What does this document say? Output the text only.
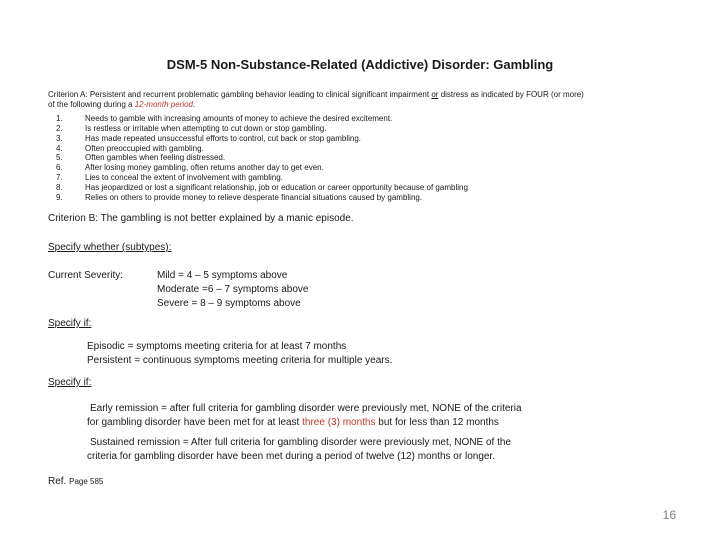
DSM-5 Non-Substance-Related (Addictive) Disorder: Gambling
Criterion A: Persistent and recurrent problematic gambling behavior leading to clinical significant impairment or distress as indicated by FOUR (or more)
of the following during a 12-month period.
1.	Needs to gamble with increasing amounts of money to achieve the desired excitement.
2.	Is restless or irritable when attempting to cut down or stop gambling.
3.	Has made repeated unsuccessful efforts to control, cut back or stop gambling.
4.	Often preoccupied with gambling.
5.	Often gambles when feeling distressed.
6.	After losing money gambling, often returns another day to get even.
7.	Lies to conceal the extent of involvement with gambling.
8.	Has jeopardized or lost a significant relationship, job or education or career opportunity because of gambling
9.	Relies on others to provide money to relieve desperate financial situations caused by gambling.
Criterion B: The gambling is not better explained by a manic episode.
Specify whether (subtypes):
Current Severity:	Mild = 4 – 5 symptoms above
Moderate =6 – 7 symptoms above
Severe = 8 – 9 symptoms above
Specify if:
Episodic = symptoms meeting criteria for at least 7 months
Persistent = continuous symptoms meeting criteria for multiple years.
Specify if:
Early remission = after full criteria for gambling disorder were previously met, NONE of the criteria
for gambling disorder have been met for at least three (3) months but for less than 12 months
Sustained remission = After full criteria for gambling disorder were previously met, NONE of the
criteria for gambling disorder have been met during a period of twelve (12) months or longer.
Ref. Page 585
16
